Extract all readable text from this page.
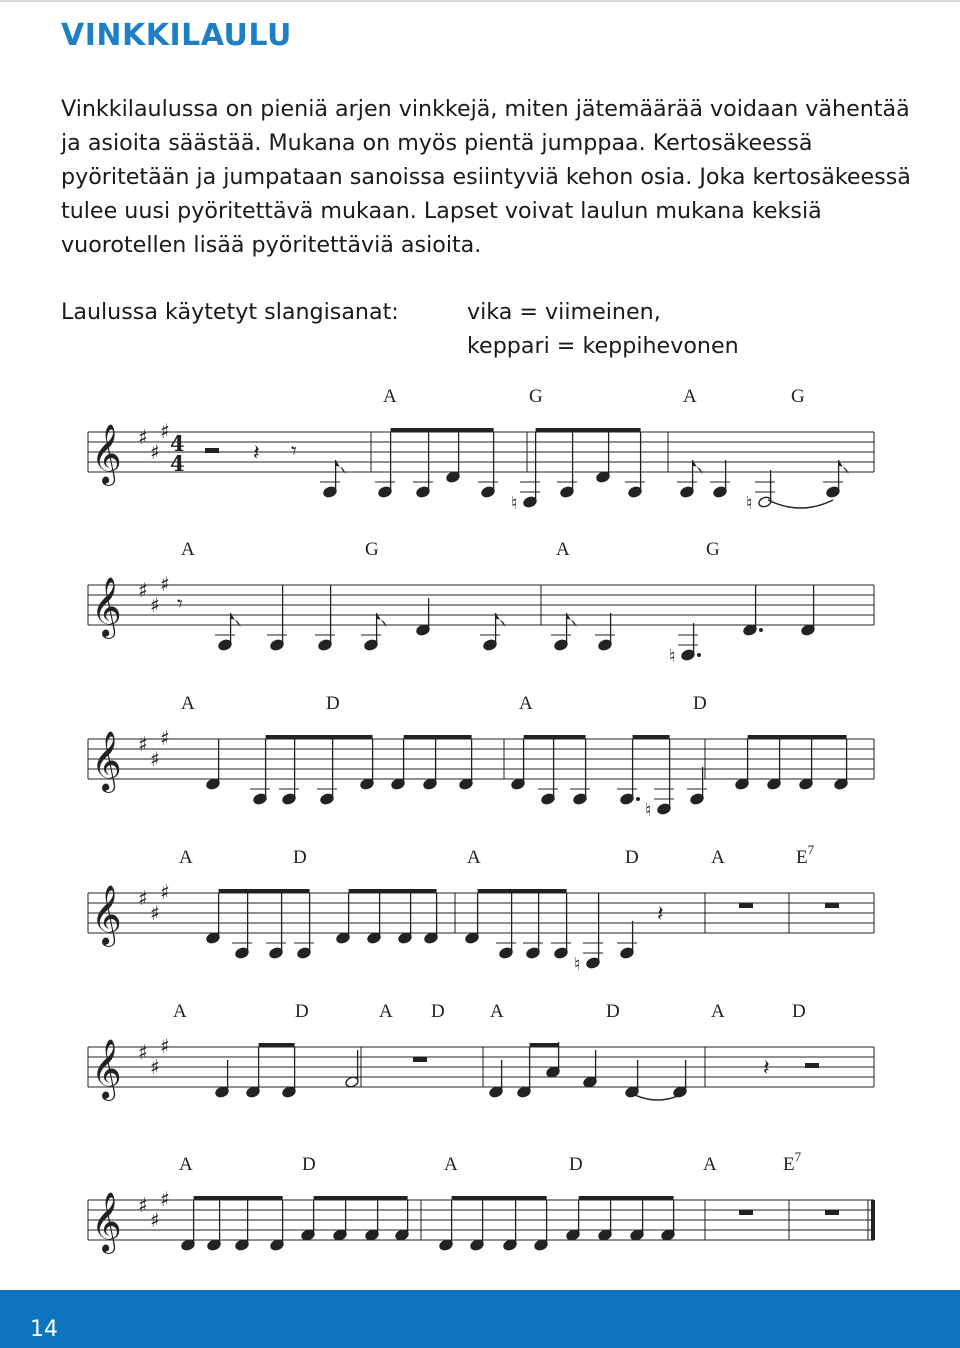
VINKKILAULU

Vinkkilaulussa on pieniä arjen vinkkejä, miten jätemäärää voidaan vähentää ja asioita säästää. Mukana on myös pientä jumppaa. Kertosäkeessä pyöritetään ja jumpataan sanoissa esiintyviä kehon osia. Joka kertosäkeessä tulee uusi pyöritettävä mukaan. Lapset voivat laulun mukana keksiä vuorotellen lisää pyöritettäviä asioita.

Laulussa käytetyt slangisanat:	vika = viimeinen,
keppari = keppihevonen
𝄞 ♯
♯
♯ 4
4
A	G	A	G
♮	♮
𝄽 𝄾
𝄞 ♯
♯
♯
A	G	A	G
♮
𝄾
𝄞 ♯
♯
♯
A	D	A	D
♮
𝄞 ♯
♯
♯
A	D	A	D	A	$E^7$
♮
𝄽
𝄞 ♯
♯
♯
A	D	A D A	D	A	D
𝄽
𝄞 ♯
♯
♯
A	D	A	D	A	$E^7$
14
